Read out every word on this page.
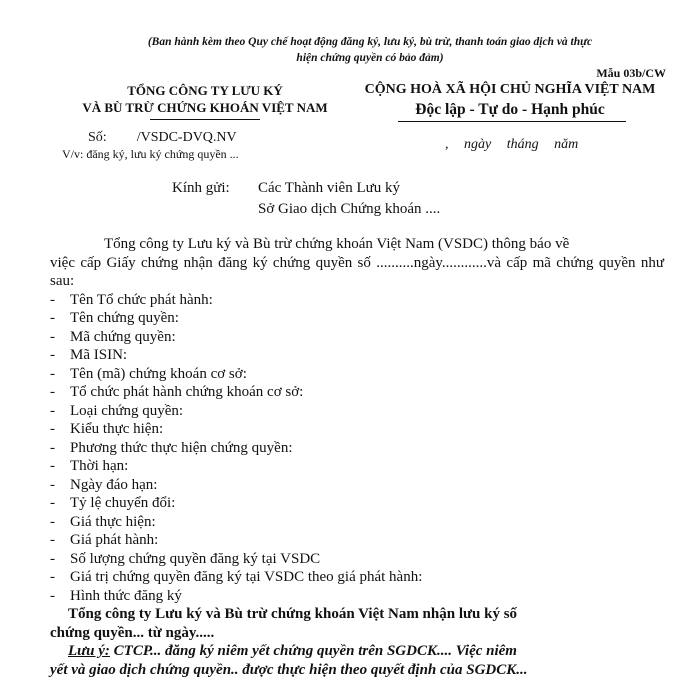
(Ban hành kèm theo Quy chế hoạt động đăng ký, lưu ký, bù trừ, thanh toán giao dịch và thực
hiện chứng quyền có bảo đảm)
Mẫu 03b/CW
TỔNG CÔNG TY LƯU KÝ
VÀ BÙ TRỪ CHỨNG KHOÁN VIỆT NAM
CỘNG HOÀ XÃ HỘI CHỦ NGHĨA VIỆT NAM
Độc lập - Tự do - Hạnh phúc
Số: /VSDC-DVQ.NV
V/v: đăng ký, lưu ký chứng quyền ...
, ngày tháng năm
Kính gửi:	Các Thành viên Lưu ký
	Sở Giao dịch Chứng khoán ....
Tổng công ty Lưu ký và Bù trừ chứng khoán Việt Nam (VSDC) thông báo về
việc cấp Giấy chứng nhận đăng ký chứng quyền số ..........ngày............và cấp mã chứng quyền như sau:
- Tên Tổ chức phát hành:
- Tên chứng quyền:
- Mã chứng quyền:
- Mã ISIN:
- Tên (mã) chứng khoán cơ sở:
- Tổ chức phát hành chứng khoán cơ sở:
- Loại chứng quyền:
- Kiểu thực hiện:
- Phương thức thực hiện chứng quyền:
- Thời hạn:
- Ngày đáo hạn:
- Tỷ lệ chuyển đổi:
- Giá thực hiện:
- Giá phát hành:
- Số lượng chứng quyền đăng ký tại VSDC
- Giá trị chứng quyền đăng ký tại VSDC theo giá phát hành:
- Hình thức đăng ký
Tổng công ty Lưu ký và Bù trừ chứng khoán Việt Nam nhận lưu ký số
chứng quyền... từ ngày.....
Lưu ý: CTCP... đăng ký niêm yết chứng quyền trên SGDCK.... Việc niêm
yết và giao dịch chứng quyền.. được thực hiện theo quyết định của SGDCK...
